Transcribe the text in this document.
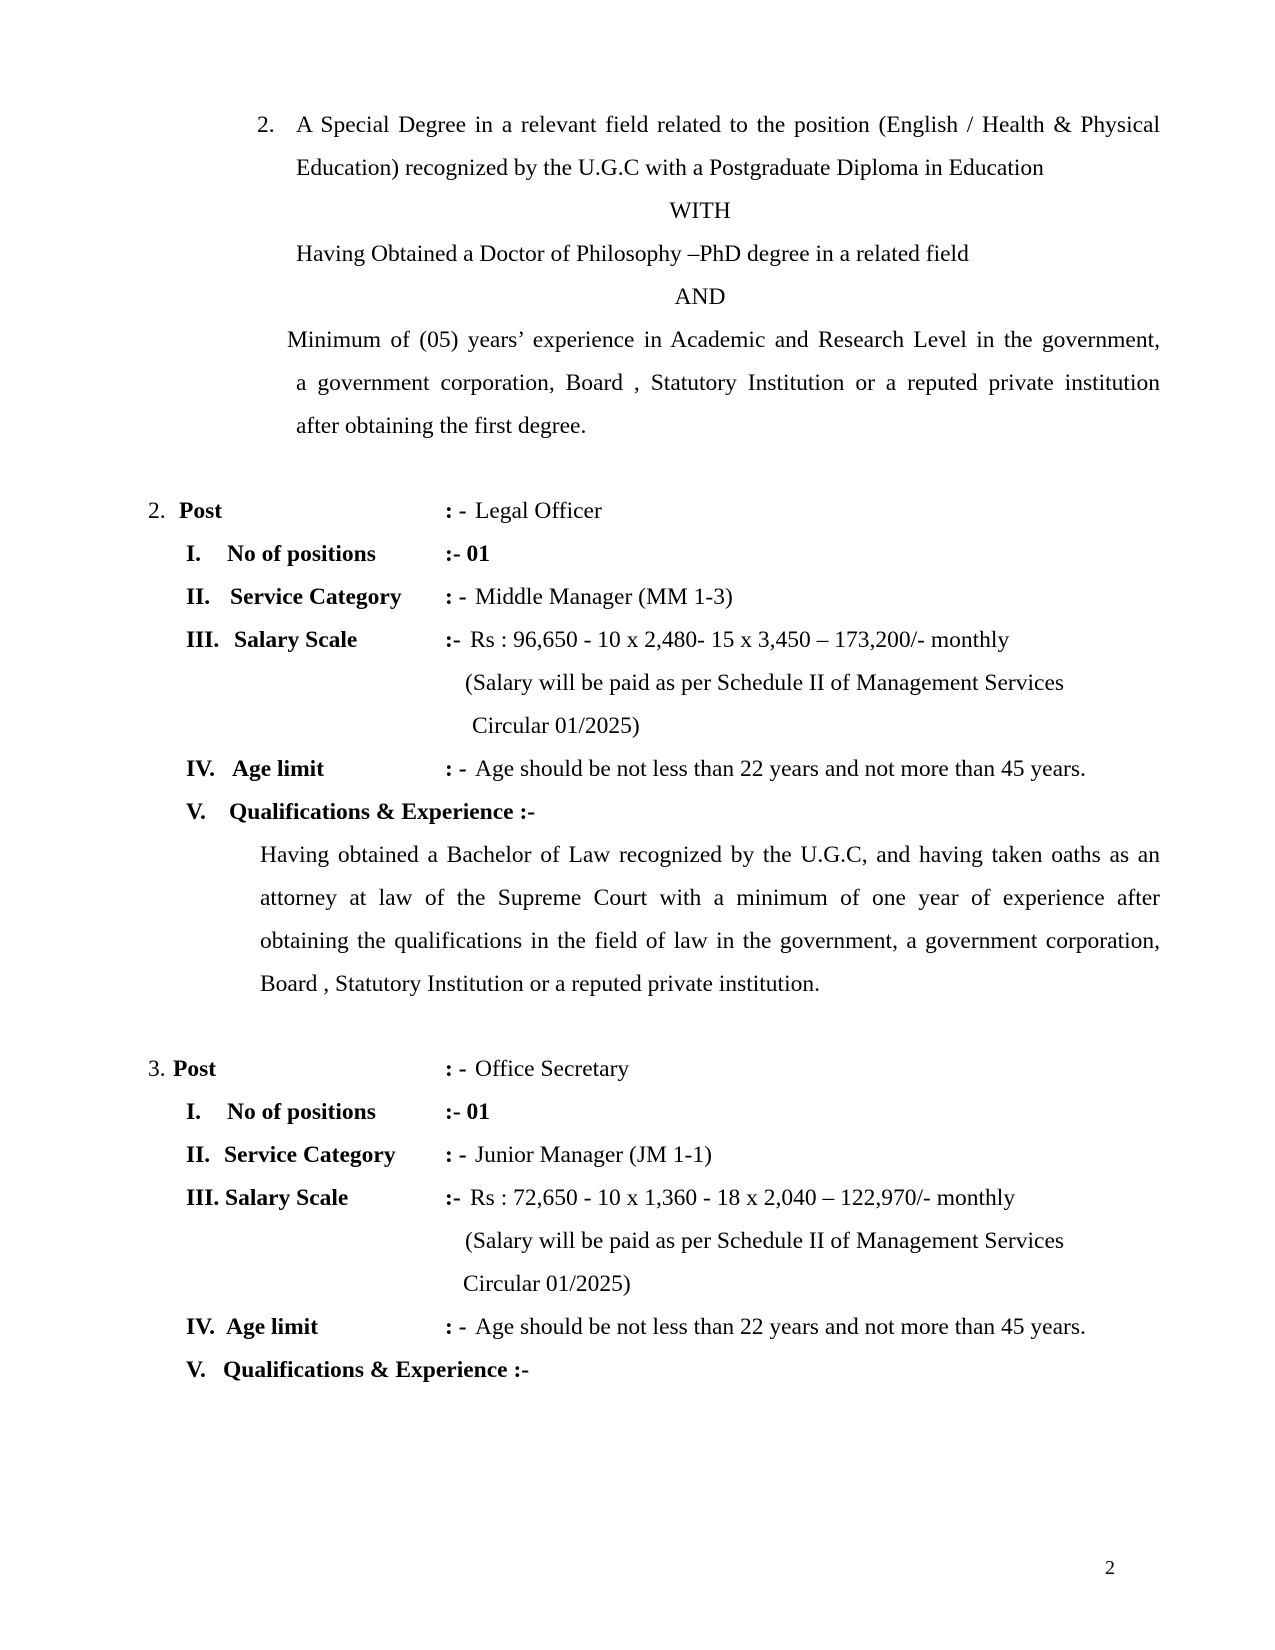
2. A Special Degree in a relevant field related to the position (English / Health & Physical
Education) recognized by the U.G.C with a Postgraduate Diploma in Education
WITH
Having Obtained a Doctor of Philosophy –PhD degree in a related field
AND
Minimum of (05) years’ experience in Academic and Research Level in the government,
a government corporation, Board , Statutory Institution or a reputed private institution
after obtaining the first degree.
2. Post	: - Legal Officer
I. No of positions	:- 01
II. Service Category : - Middle Manager (MM 1-3)
III. Salary Scale	:- Rs : 96,650 - 10 x 2,480- 15 x 3,450 – 173,200/- monthly
(Salary will be paid as per Schedule II of Management Services
Circular 01/2025)
IV. Age limit	: - Age should be not less than 22 years and not more than 45 years.
V. Qualifications & Experience :-
Having obtained a Bachelor of Law recognized by the U.G.C, and having taken oaths as an
attorney at law of the Supreme Court with a minimum of one year of experience after
obtaining the qualifications in the field of law in the government, a government corporation,
Board , Statutory Institution or a reputed private institution.
3. Post	: - Office Secretary
I. No of positions	:- 01
II. Service Category : - Junior Manager (JM 1-1)
III. Salary Scale	:- Rs : 72,650 - 10 x 1,360 - 18 x 2,040 – 122,970/- monthly
(Salary will be paid as per Schedule II of Management Services
Circular 01/2025)
IV. Age limit	: - Age should be not less than 22 years and not more than 45 years.
V. Qualifications & Experience :-
2
